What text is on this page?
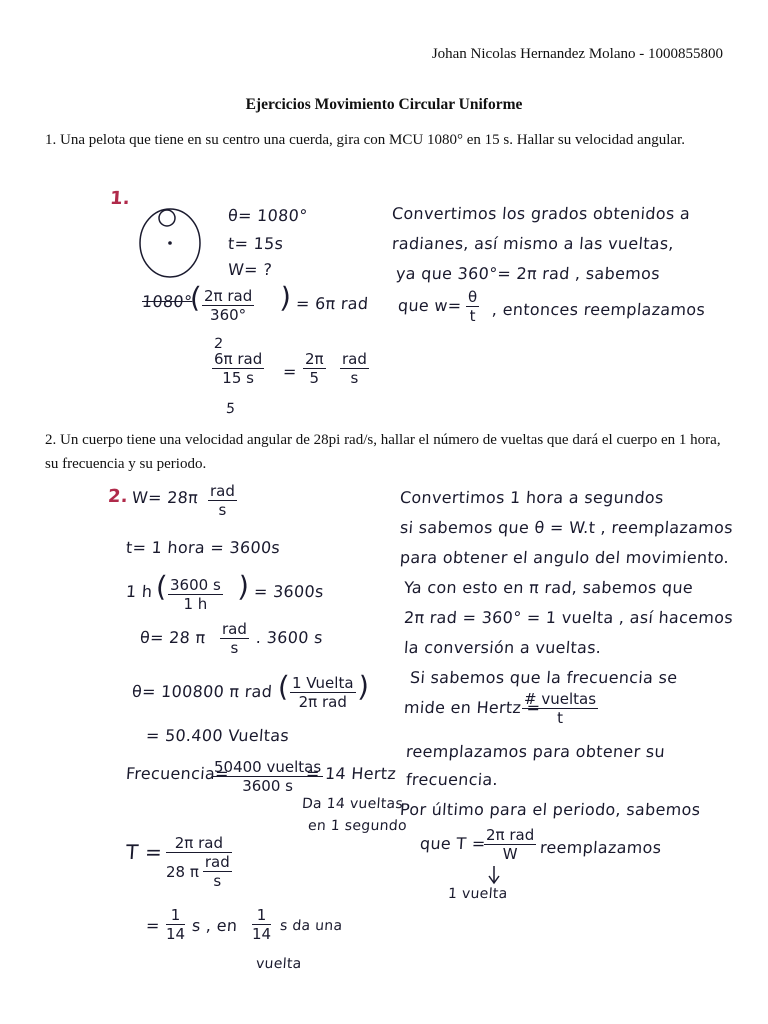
Johan Nicolas Hernandez Molano - 1000855800
Ejercicios Movimiento Circular Uniforme
1. Una pelota que tiene en su centro una cuerda, gira con MCU 1080° en 15 s. Hallar su velocidad angular.
1.
θ= 1080°
t= 15s
W= ?
1080°
( 2π rad
360°
) = 6π rad
2
6π rad
15 s
5
= $\frac{2\pi}{5}$ rad
s
Convertimos los grados obtenidos a
radianes, así mismo a las vueltas,
ya que 360°= 2π rad , sabemos
que $w= \frac{\theta}{t}$ , entonces reemplazamos
2. Un cuerpo tiene una velocidad angular de 28pi rad/s, hallar el número de vueltas que dará el cuerpo en 1 hora, su frecuencia y su periodo.
2. W= 28π rad
s
t= 1 hora = 3600s
1 h ( $\frac{3600 s}{1 h}$ ) = 3600s
θ= 28 π rad
s
. 3600 s
θ= 100800 π rad ( 1 Vuelta
2π rad )
= 50.400 Vueltas
Frecuencia=
50400 vueltas
3600 s
= 14 Hertz
Da 14 vueltas
en 1 segundo
T = 2π rad
28 π $\frac{\text{rad}}{s}$
= $\frac{1}{14}$ s , en $\frac{1}{14}$ s da una
vuelta
Convertimos 1 hora a segundos
si sabemos que θ = W.t , reemplazamos
para obtener el angulo del movimiento.
Ya con esto en π rad, sabemos que
2π rad = 360° = 1 vuelta , así hacemos
la conversión a vueltas.
Si sabemos que la frecuencia se
mide en Hertz =
# vueltas
t
reemplazamos para obtener su
frecuencia.
Por último para el periodo, sabemos
que T = 2π rad
W	reemplazamos
1 vuelta
